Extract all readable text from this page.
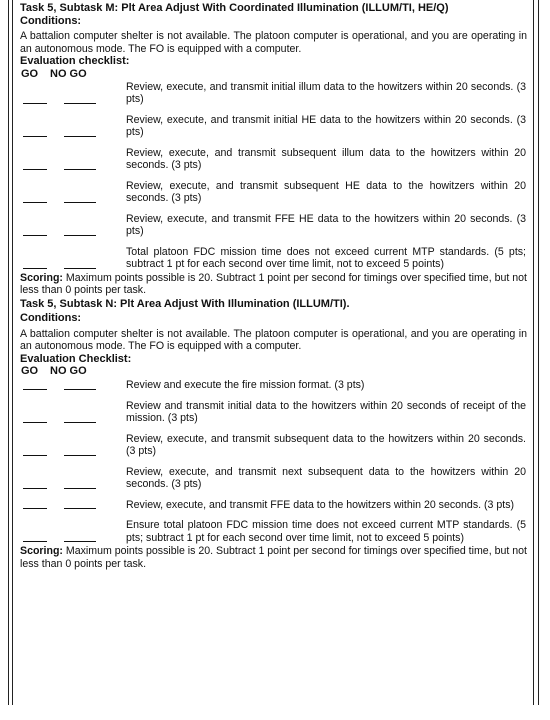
Task 5, Subtask M: Plt Area Adjust With Coordinated Illumination (ILLUM/TI, HE/Q)
Conditions:
A battalion computer shelter is not available. The platoon computer is operational, and you are operating in an autonomous mode. The FO is equipped with a computer.
Evaluation checklist:
GO NO GO
Review, execute, and transmit initial illum data to the howitzers within 20 seconds. (3 pts)
Review, execute, and transmit initial HE data to the howitzers within 20 seconds. (3 pts)
Review, execute, and transmit subsequent illum data to the howitzers within 20 seconds. (3 pts)
Review, execute, and transmit subsequent HE data to the howitzers within 20 seconds. (3 pts)
Review, execute, and transmit FFE HE data to the howitzers within 20 seconds. (3 pts)
Total platoon FDC mission time does not exceed current MTP standards. (5 pts; subtract 1 pt for each second over time limit, not to exceed 5 points)
Scoring: Maximum points possible is 20. Subtract 1 point per second for timings over specified time, but not less than 0 points per task.
Task 5, Subtask N: Plt Area Adjust With Illumination (ILLUM/TI).
Conditions:
A battalion computer shelter is not available. The platoon computer is operational, and you are operating in an autonomous mode. The FO is equipped with a computer.
Evaluation Checklist:
GO NO GO
Review and execute the fire mission format. (3 pts)
Review and transmit initial data to the howitzers within 20 seconds of receipt of the mission. (3 pts)
Review, execute, and transmit subsequent data to the howitzers within 20 seconds. (3 pts)
Review, execute, and transmit next subsequent data to the howitzers within 20 seconds. (3 pts)
Review, execute, and transmit FFE data to the howitzers within 20 seconds. (3 pts)
Ensure total platoon FDC mission time does not exceed current MTP standards. (5 pts; subtract 1 pt for each second over time limit, not to exceed 5 points)
Scoring: Maximum points possible is 20. Subtract 1 point per second for timings over specified time, but not less than 0 points per task.
